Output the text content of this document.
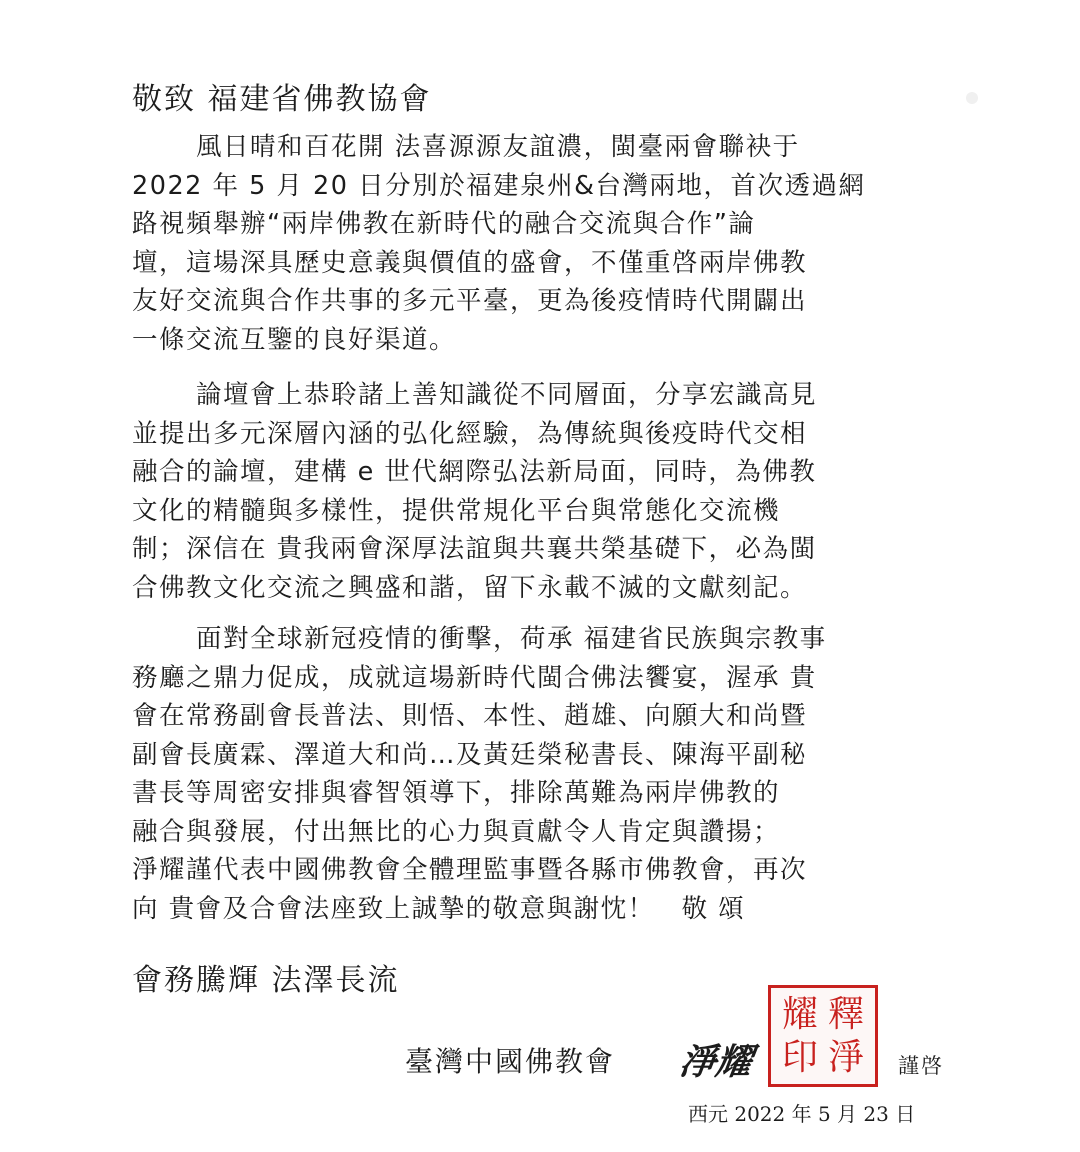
敬致 福建省佛教協會
風日晴和百花開 法喜源源友誼濃，閩臺兩會聯袂于
2022 年 5 月 20 日分別於福建泉州&台灣兩地，首次透過網
路視頻舉辦“兩岸佛教在新時代的融合交流與合作”論
壇，這場深具歷史意義與價值的盛會，不僅重啓兩岸佛教
友好交流與合作共事的多元平臺，更為後疫情時代開闢出
一條交流互鑒的良好渠道。
論壇會上恭聆諸上善知識從不同層面，分享宏識高見
並提出多元深層內涵的弘化經驗，為傳統與後疫時代交相
融合的論壇，建構 e 世代網際弘法新局面，同時，為佛教
文化的精髓與多樣性，提供常規化平台與常態化交流機
制；深信在 貴我兩會深厚法誼與共襄共榮基礎下，必為閩
合佛教文化交流之興盛和諧，留下永載不滅的文獻刻記。
面對全球新冠疫情的衝擊，荷承 福建省民族與宗教事
務廳之鼎力促成，成就這場新時代閩合佛法饗宴，渥承 貴
會在常務副會長普法、則悟、本性、趙雄、向願大和尚暨
副會長廣霖、澤道大和尚…及黃廷榮秘書長、陳海平副秘
書長等周密安排與睿智領導下，排除萬難為兩岸佛教的
融合與發展，付出無比的心力與貢獻令人肯定與讚揚；
淨耀謹代表中國佛教會全體理監事暨各縣市佛教會，再次
向 貴會及合會法座致上誠摯的敬意與謝忱！　敬 頌
會務騰輝 法澤長流
臺灣中國佛教會 淨耀
釋
淨
耀
印	謹啓
西元 2022 年 5 月 23 日
